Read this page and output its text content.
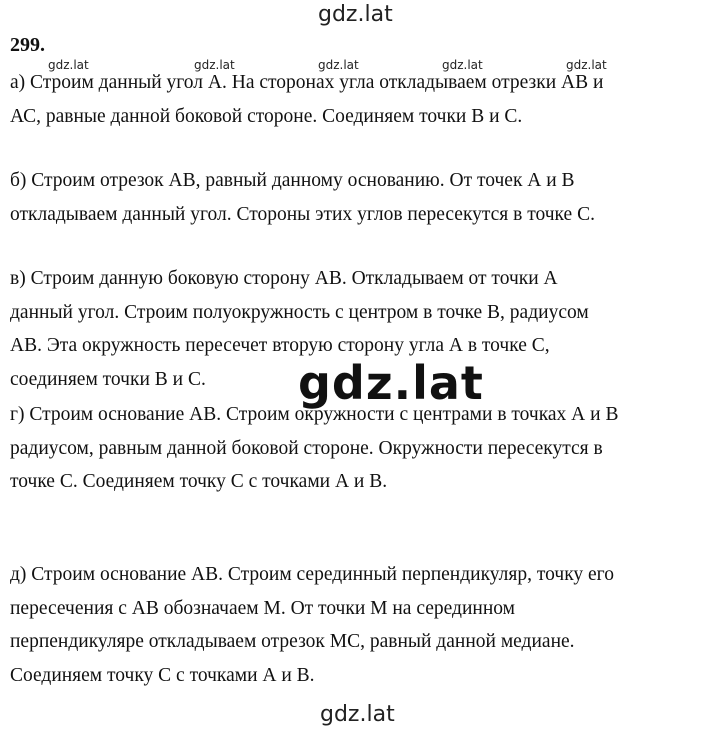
gdz.lat
gdz.lat	gdz.lat	gdz.lat	gdz.lat	gdz.lat
299.
а) Строим данный угол А. На сторонах угла откладываем отрезки АВ и
АС, равные данной боковой стороне. Соединяем точки В и С.
б) Строим отрезок АВ, равный данному основанию. От точек А и В
откладываем данный угол. Стороны этих углов пересекутся в точке С.
в) Строим данную боковую сторону АВ. Откладываем от точки А
данный угол. Строим полуокружность с центром в точке В, радиусом
АВ. Эта окружность пересечет вторую сторону угла А в точке С,
соединяем точки В и С.	gdz.lat
г) Строим основание АВ. Строим окружности с центрами в точках А и В
радиусом, равным данной боковой стороне. Окружности пересекутся в
точке С. Соединяем точку С с точками А и В.
д) Строим основание АВ. Строим серединный перпендикуляр, точку его
пересечения с АВ обозначаем М. От точки М на серединном
перпендикуляре откладываем отрезок МС, равный данной медиане.
Соединяем точку С с точками А и В.
gdz.lat
